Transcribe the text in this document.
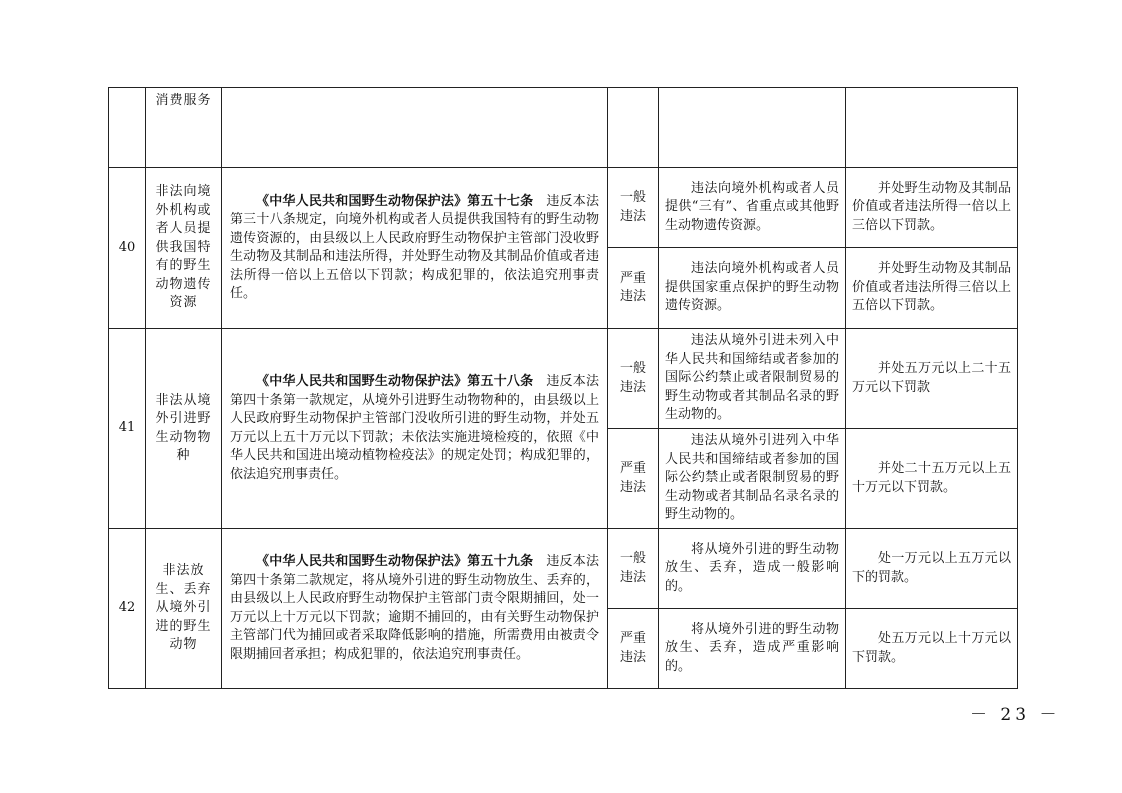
	消费服务				
40	非法向境外机构或者人员提供我国特有的野生动物遗传资源	《中华人民共和国野生动物保护法》第五十七条 违反本法第三十八条规定，向境外机构或者人员提供我国特有的野生动物遗传资源的，由县级以上人民政府野生动物保护主管部门没收野生动物及其制品和违法所得，并处野生动物及其制品价值或者违法所得一倍以上五倍以下罚款；构成犯罪的，依法追究刑事责任。	一般违法	违法向境外机构或者人员提供“三有”、省重点或其他野生动物遗传资源。	并处野生动物及其制品价值或者违法所得一倍以上三倍以下罚款。

			严重违法	违法向境外机构或者人员提供国家重点保护的野生动物遗传资源。	并处野生动物及其制品价值或者违法所得三倍以上五倍以下罚款。

41	非法从境外引进野生动物物种	《中华人民共和国野生动物保护法》第五十八条 违反本法第四十条第一款规定，从境外引进野生动物物种的，由县级以上人民政府野生动物保护主管部门没收所引进的野生动物，并处五万元以上五十万元以下罚款；未依法实施进境检疫的，依照《中华人民共和国进出境动植物检疫法》的规定处罚；构成犯罪的，依法追究刑事责任。	一般违法	违法从境外引进未列入中华人民共和国缔结或者参加的国际公约禁止或者限制贸易的野生动物或者其制品名录的野生动物的。	并处五万元以上二十五万元以下罚款

			严重违法	违法从境外引进列入中华人民共和国缔结或者参加的国际公约禁止或者限制贸易的野生动物或者其制品名录名录的野生动物的。	并处二十五万元以上五十万元以下罚款。

42	非法放生、丢弃从境外引进的野生动物	《中华人民共和国野生动物保护法》第五十九条 违反本法第四十条第二款规定，将从境外引进的野生动物放生、丢弃的，由县级以上人民政府野生动物保护主管部门责令限期捕回，处一万元以上十万元以下罚款；逾期不捕回的，由有关野生动物保护主管部门代为捕回或者采取降低影响的措施，所需费用由被责令限期捕回者承担；构成犯罪的，依法追究刑事责任。	一般违法	将从境外引进的野生动物放生、丢弃，造成一般影响的。	处一万元以上五万元以下的罚款。

			严重违法	将从境外引进的野生动物放生、丢弃，造成严重影响的。	处五万元以上十万元以下罚款。
－ 23 －
